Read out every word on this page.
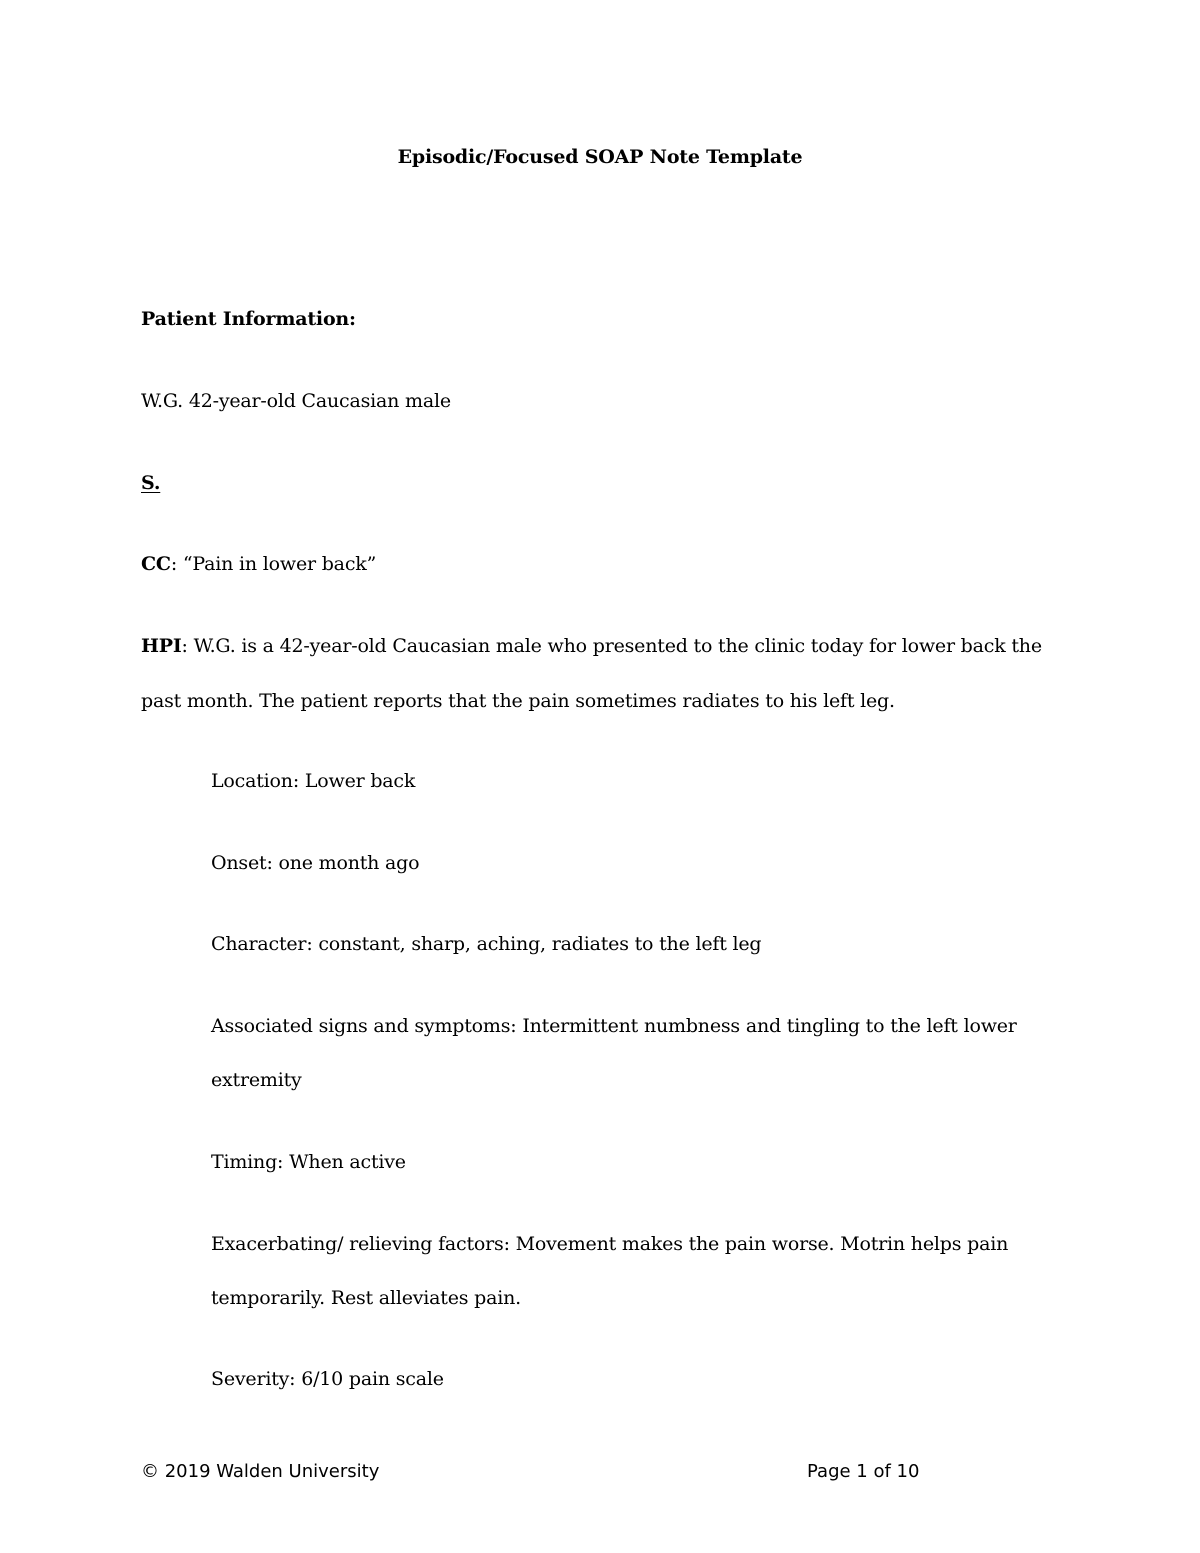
Episodic/Focused SOAP Note Template
Patient Information:
W.G. 42-year-old Caucasian male
S.
CC: “Pain in lower back”
HPI: W.G. is a 42-year-old Caucasian male who presented to the clinic today for lower back the
past month. The patient reports that the pain sometimes radiates to his left leg.
Location: Lower back
Onset: one month ago
Character: constant, sharp, aching, radiates to the left leg
Associated signs and symptoms: Intermittent numbness and tingling to the left lower
extremity
Timing: When active
Exacerbating/ relieving factors: Movement makes the pain worse. Motrin helps pain
temporarily. Rest alleviates pain.
Severity: 6/10 pain scale
© 2019 Walden University	Page 1 of 10
